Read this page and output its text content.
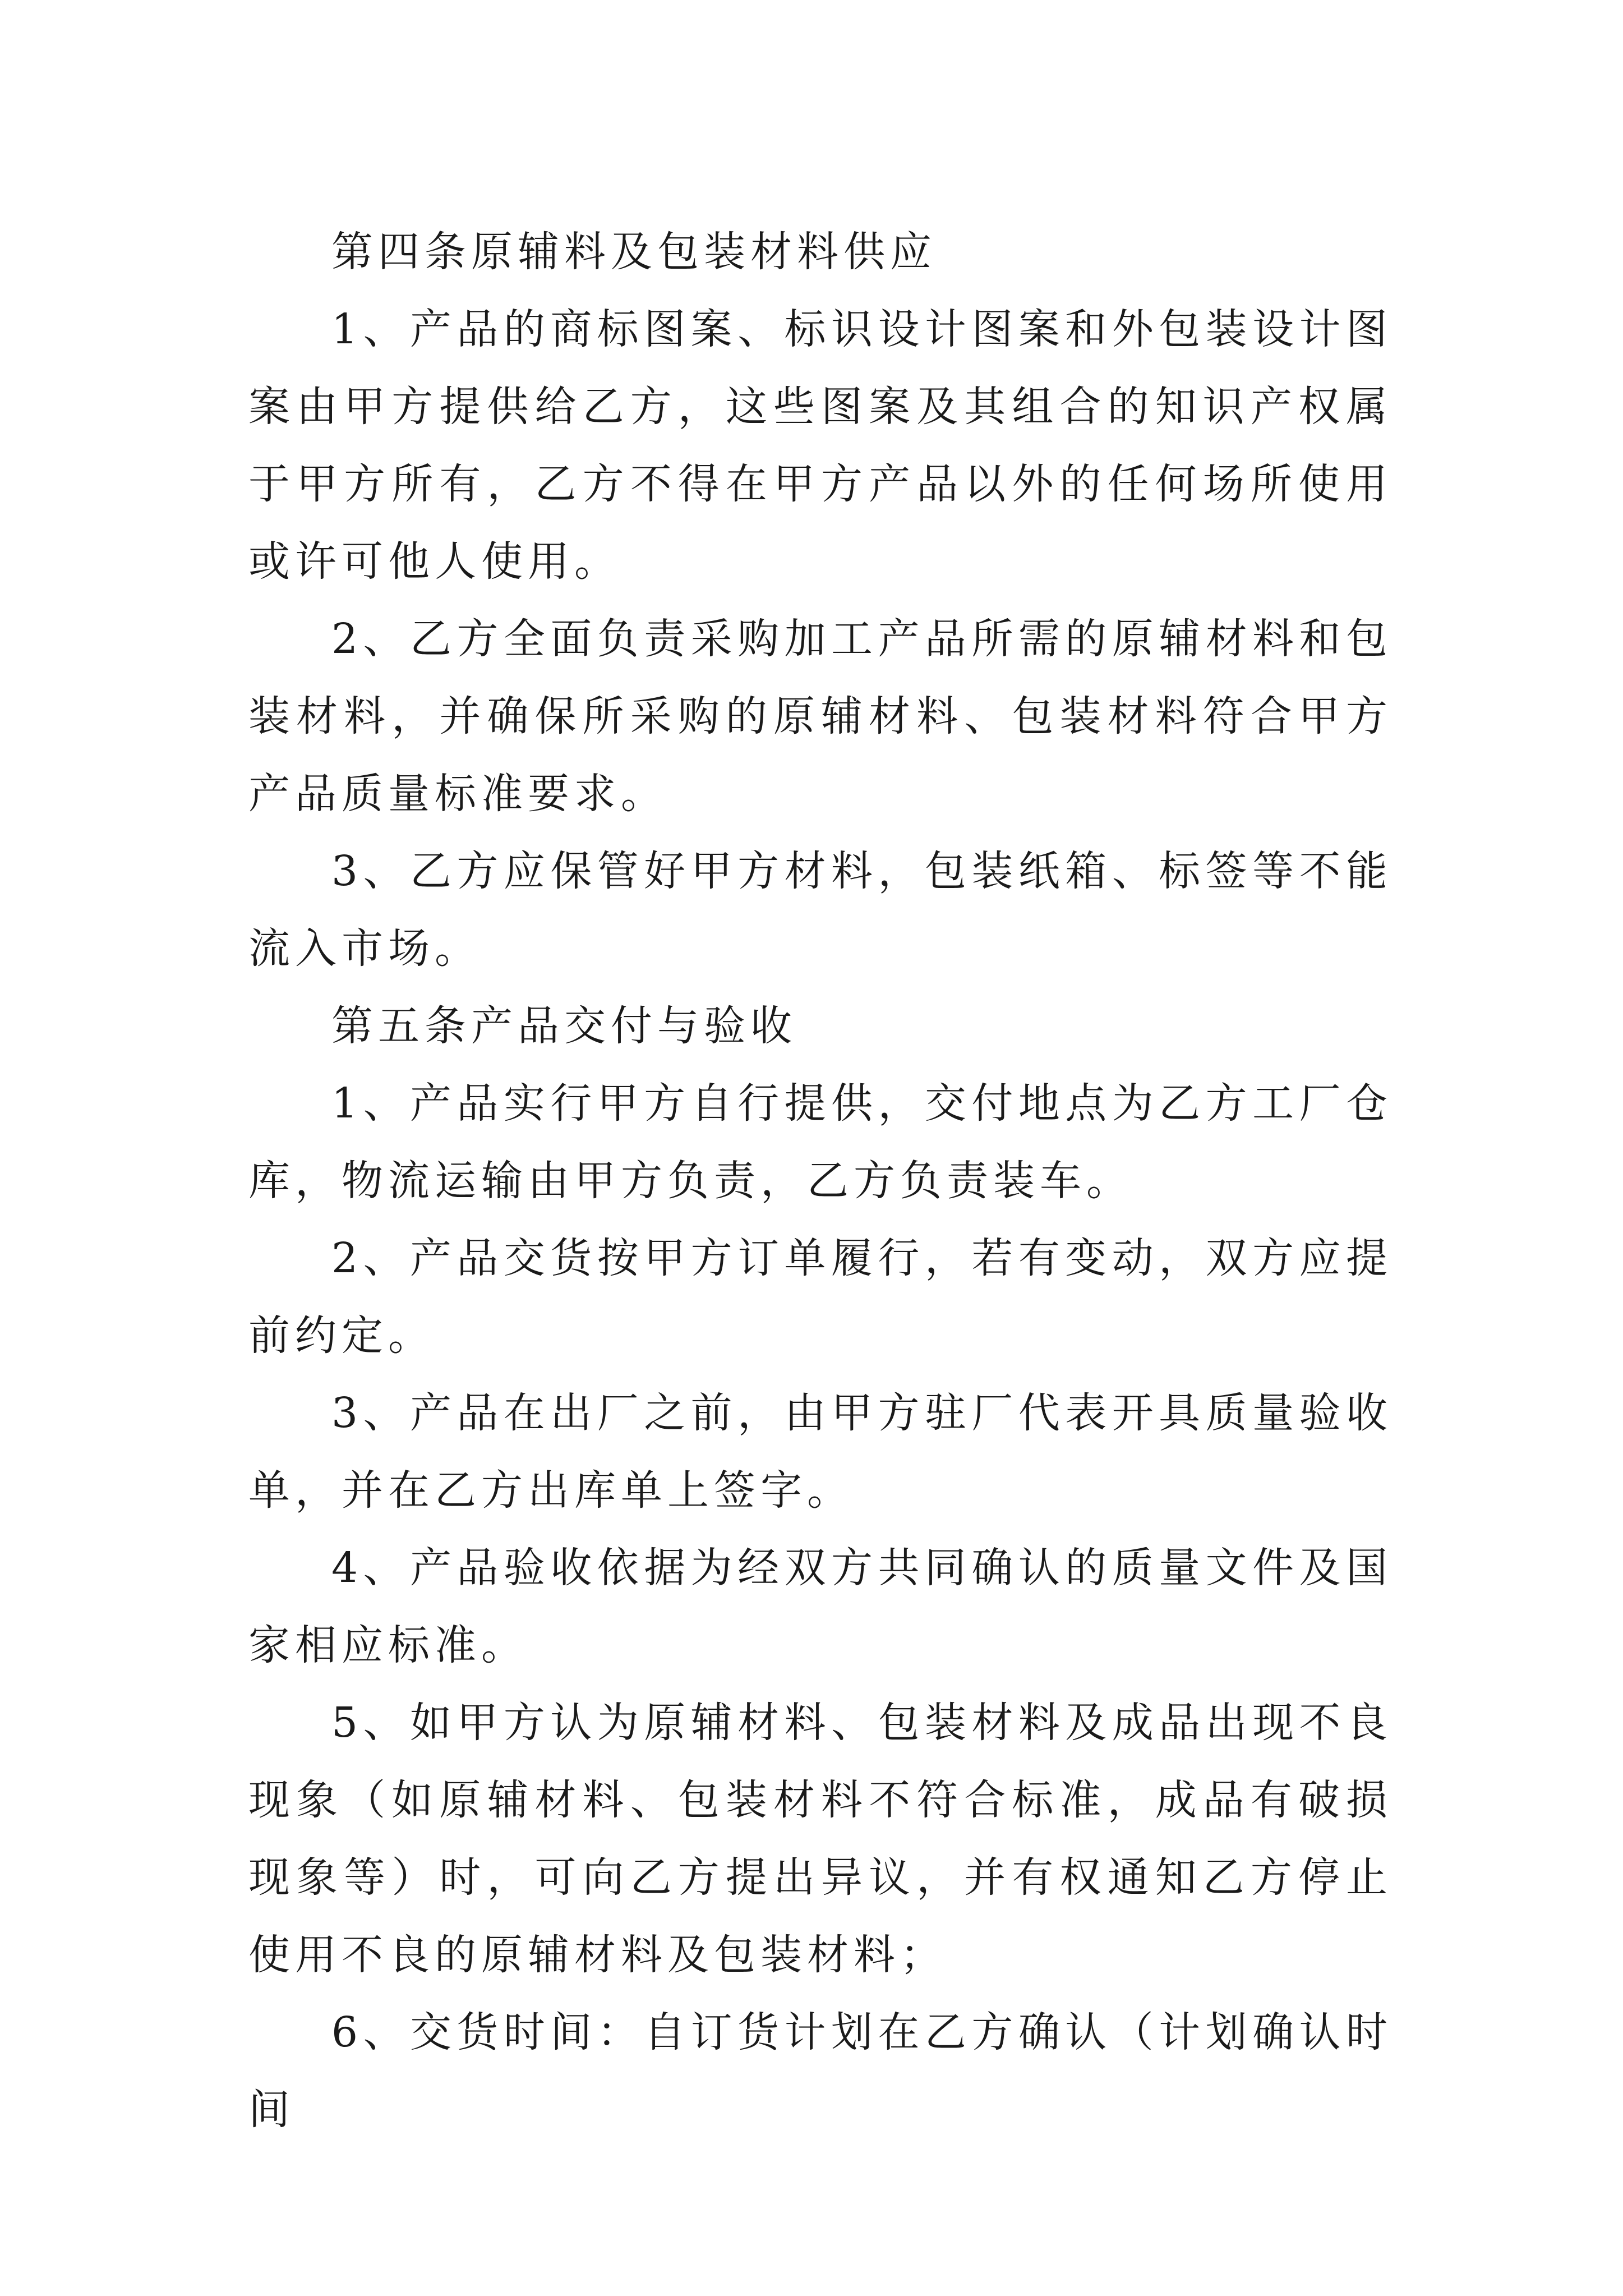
第四条原辅料及包装材料供应

1、产品的商标图案、标识设计图案和外包装设计图案由甲方提供给乙方，这些图案及其组合的知识产权属于甲方所有，乙方不得在甲方产品以外的任何场所使用或许可他人使用。

2、乙方全面负责采购加工产品所需的原辅材料和包装材料，并确保所采购的原辅材料、包装材料符合甲方产品质量标准要求。

3、乙方应保管好甲方材料，包装纸箱、标签等不能流入市场。

第五条产品交付与验收

1、产品实行甲方自行提供，交付地点为乙方工厂仓库，物流运输由甲方负责，乙方负责装车。

2、产品交货按甲方订单履行，若有变动，双方应提前约定。

3、产品在出厂之前，由甲方驻厂代表开具质量验收单，并在乙方出库单上签字。

4、产品验收依据为经双方共同确认的质量文件及国家相应标准。

5、如甲方认为原辅材料、包装材料及成品出现不良现象（如原辅材料、包装材料不符合标准，成品有破损现象等）时，可向乙方提出异议，并有权通知乙方停止使用不良的原辅材料及包装材料；

6、交货时间：自订货计划在乙方确认（计划确认时间
